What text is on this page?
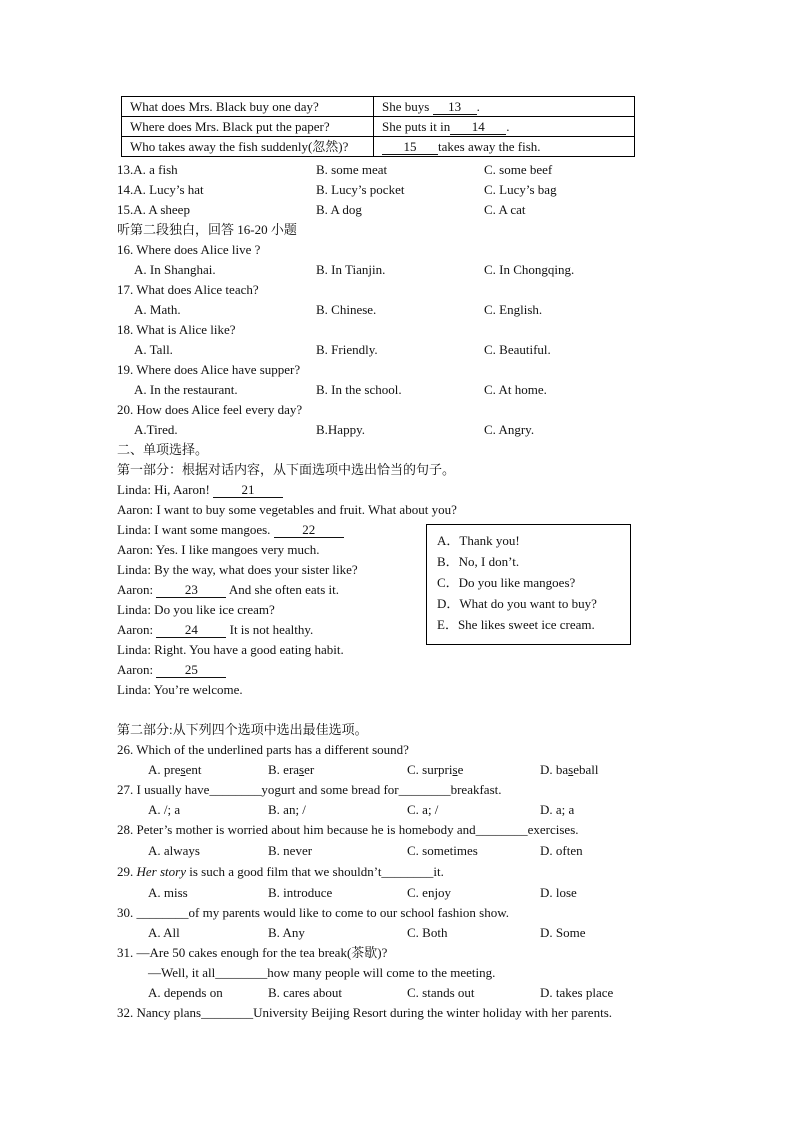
What does Mrs. Black buy one day?	She buys 13 .
Where does Mrs. Black put the paper?	She puts it in 14 .
Who takes away the fish suddenly(忽然)?	15 takes away the fish.
13.A. a fish	B. some meat	C. some beef
14.A. Lucy’s hat	B. Lucy’s pocket	C. Lucy’s bag
15.A. A sheep	B. A dog	C. A cat
听第二段独白，回答 16-20 小题
16. Where does Alice live ?
A. In Shanghai.	B. In Tianjin.	C. In Chongqing.
17. What does Alice teach?
A. Math.	B. Chinese.	C. English.
18. What is Alice like?
A. Tall.	B. Friendly.	C. Beautiful.
19. Where does Alice have supper?
A. In the restaurant.	B. In the school.	C. At home.
20. How does Alice feel every day?
A.Tired.	B.Happy.	C. Angry.
二、单项选择。
第一部分：根据对话内容，从下面选项中选出恰当的句子。
Linda: Hi, Aaron! 21
Aaron: I want to buy some vegetables and fruit. What about you?
Linda: I want some mangoes. 22
Aaron: Yes. I like mangoes very much.
Linda: By the way, what does your sister like?
Aaron: 23 And she often eats it.
Linda: Do you like ice cream?
Aaron: 24 It is not healthy.
Linda: Right. You have a good eating habit.
Aaron: 25
Linda: You’re welcome.
A．Thank you!
B．No, I don’t.
C．Do you like mangoes?
D．What do you want to buy?
E．She likes sweet ice cream.
第二部分:从下列四个选项中选出最佳选项。
26. Which of the underlined parts has a different sound?
A. present	B. eraser	C. surprise	D. baseball
27. I usually have________yogurt and some bread for________breakfast.
A. /; a	B. an; /	C. a; /	D. a; a
28. Peter’s mother is worried about him because he is homebody and________exercises.
A. always	B. never	C. sometimes	D. often
29. Her story is such a good film that we shouldn’t________it.
A. miss	B. introduce	C. enjoy	D. lose
30. ________of my parents would like to come to our school fashion show.
A. All	B. Any	C. Both	D. Some
31. —Are 50 cakes enough for the tea break(茶歇)?
—Well, it all________how many people will come to the meeting.
A. depends on	B. cares about	C. stands out	D. takes place
32. Nancy plans________University Beijing Resort during the winter holiday with her parents.
